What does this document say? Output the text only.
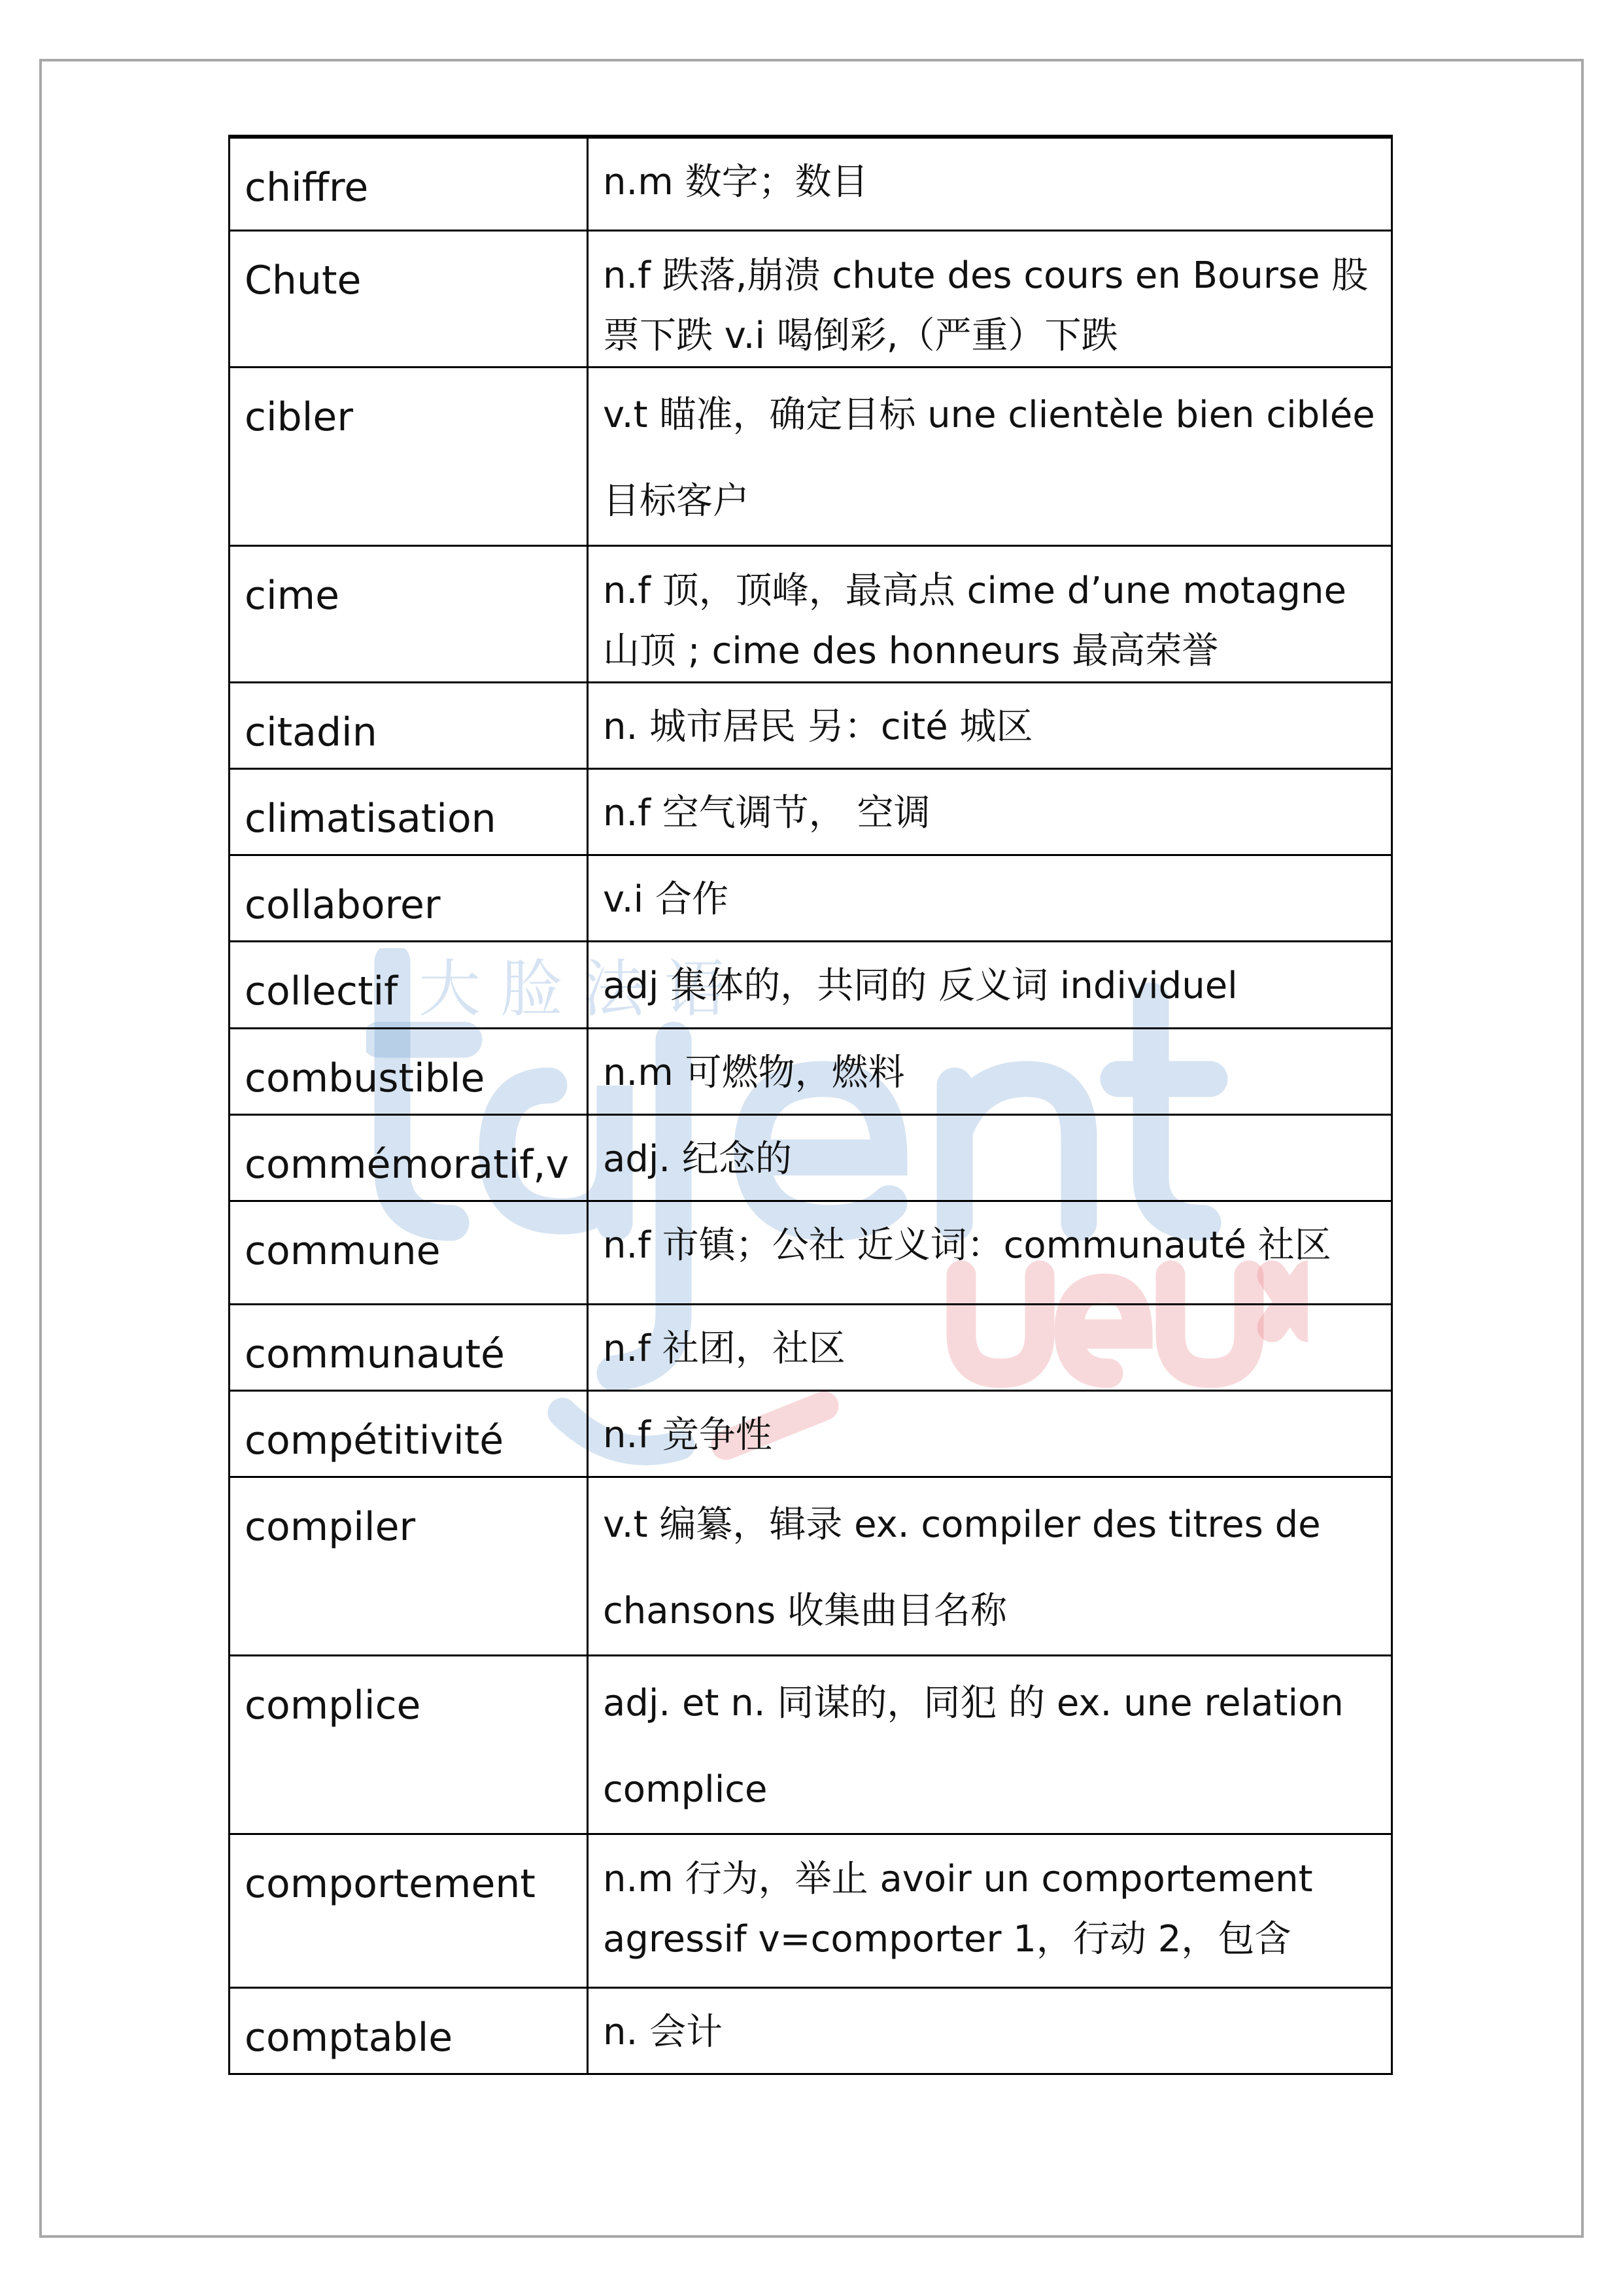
大 脸 法 语
chiffre	n.m 数字；数目
Chute	n.f 跌落,崩溃 chute des cours en Bourse 股票下跌 v.i 喝倒彩,（严重）下跌
cibler	v.t 瞄准，确定目标 une clientèle bien ciblée 目标客户
cime	n.f 顶，顶峰，最高点 cime d’une motagne 山顶 ; cime des honneurs 最高荣誉
citadin	n. 城市居民 另：cité 城区
climatisation	n.f 空气调节， 空调
collaborer	v.i 合作
collectif	adj 集体的，共同的 反义词 individuel
combustible	n.m 可燃物，燃料
commémoratif,v	adj. 纪念的
commune	n.f 市镇；公社 近义词：communauté 社区
communauté	n.f 社团，社区
compétitivité	n.f 竞争性
compiler	v.t 编纂，辑录 ex. compiler des titres de chansons 收集曲目名称
complice	adj. et n. 同谋的，同犯 的 ex. une relation complice
comportement	n.m 行为，举止 avoir un comportement agressif v=comporter 1，行动 2，包含
comptable	n. 会计
